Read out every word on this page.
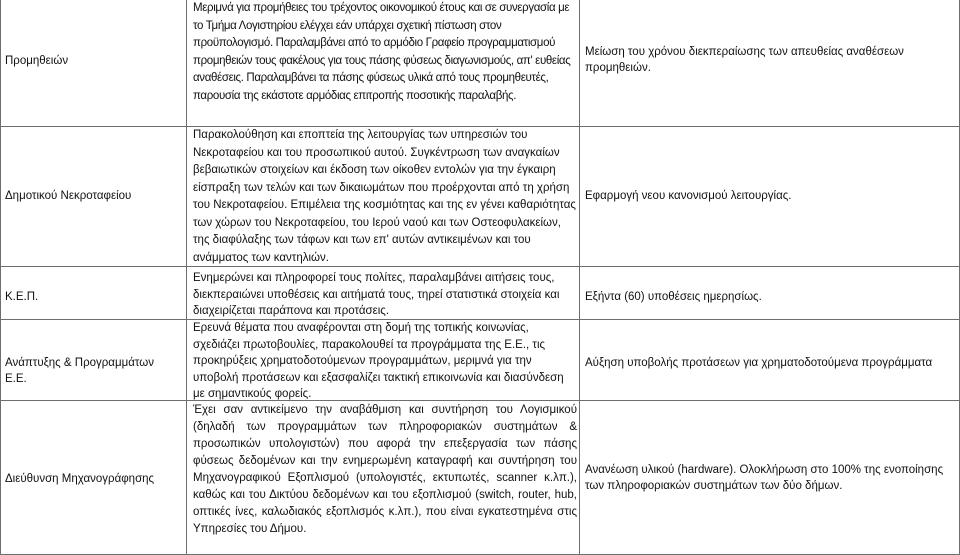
Προμηθειών
Μεριμνά για προμήθειες του τρέχοντος οικονομικού έτους και σε συνεργασία με το Τμήμα Λογιστηρίου ελέγχει εάν υπάρχει σχετική πίστωση στον προϋπολογισμό. Παραλαμβάνει από το αρμόδιο Γραφείο προγραμματισμού προμηθειών τους φακέλους για τους πάσης φύσεως διαγωνισμούς, απ' ευθείας αναθέσεις. Παραλαμβάνει τα πάσης φύσεως υλικά από τους προμηθευτές, παρουσία της εκάστοτε αρμόδιας επιτροπής ποσοτικής παραλαβής.
Μείωση του χρόνου διεκπεραίωσης των απευθείας αναθέσεων προμηθειών.
Δημοτικού Νεκροταφείου
Παρακολούθηση και εποπτεία της λειτουργίας των υπηρεσιών του Νεκροταφείου και του προσωπικού αυτού. Συγκέντρωση των αναγκαίων βεβαιωτικών στοιχείων και έκδοση των οίκοθεν εντολών για την έγκαιρη είσπραξη των τελών και των δικαιωμάτων που προέρχονται από τη χρήση του Νεκροταφείου. Επιμέλεια της κοσμιότητας και της εν γένει καθαριότητας των χώρων του Νεκροταφείου, του Ιερού ναού και των Οστεοφυλακείων, της διαφύλαξης των τάφων και των επ' αυτών αντικειμένων και του ανάμματος των καντηλιών.
Εφαρμογή νεου κανονισμού λειτουργίας.
Κ.Ε.Π.
Ενημερώνει και πληροφορεί τους πολίτες, παραλαμβάνει αιτήσεις τους, διεκπεραιώνει υποθέσεις και αιτήματά τους, τηρεί στατιστικά στοιχεία και διαχειρίζεται παράπονα και προτάσεις.
Εξήντα (60) υποθέσεις ημερησίως.
Ανάπτυξης & Προγραμμάτων Ε.Ε.
Ερευνά θέματα που αναφέρονται στη δομή της τοπικής κοινωνίας, σχεδιάζει πρωτοβουλίες, παρακολουθεί τα προγράμματα της Ε.Ε., τις προκηρύξεις χρηματοδοτούμενων προγραμμάτων, μεριμνά για την υποβολή προτάσεων και εξασφαλίζει τακτική επικοινωνία και διασύνδεση με σημαντικούς φορείς.
Αύξηση υποβολής προτάσεων για χρηματοδοτούμενα προγράμματα
Διεύθυνση Μηχανογράφησης

Έχει σαν αντικείμενο την αναβάθμιση και συντήρηση του Λογισμικού (δηλαδή των προγραμμάτων των πληροφοριακών συστημάτων & προσωπικών υπολογιστών) που αφορά την επεξεργασία των πάσης φύσεως δεδομένων και την ενημερωμένη καταγραφή και συντήρηση του Μηχανογραφικού Εξοπλισμού (υπολογιστές, εκτυπωτές, scanner κ.λπ.), καθώς και του Δικτύου δεδομένων και του εξοπλισμού (switch, router, hub, οπτικές ίνες, καλωδιακός εξοπλισμός κ.λπ.), που είναι εγκατεστημένα στις Υπηρεσίες του Δήμου.

Ανανέωση υλικού (hardware). Ολοκλήρωση στο 100% της ενοποίησης των πληροφοριακών συστημάτων των δύο δήμων.
